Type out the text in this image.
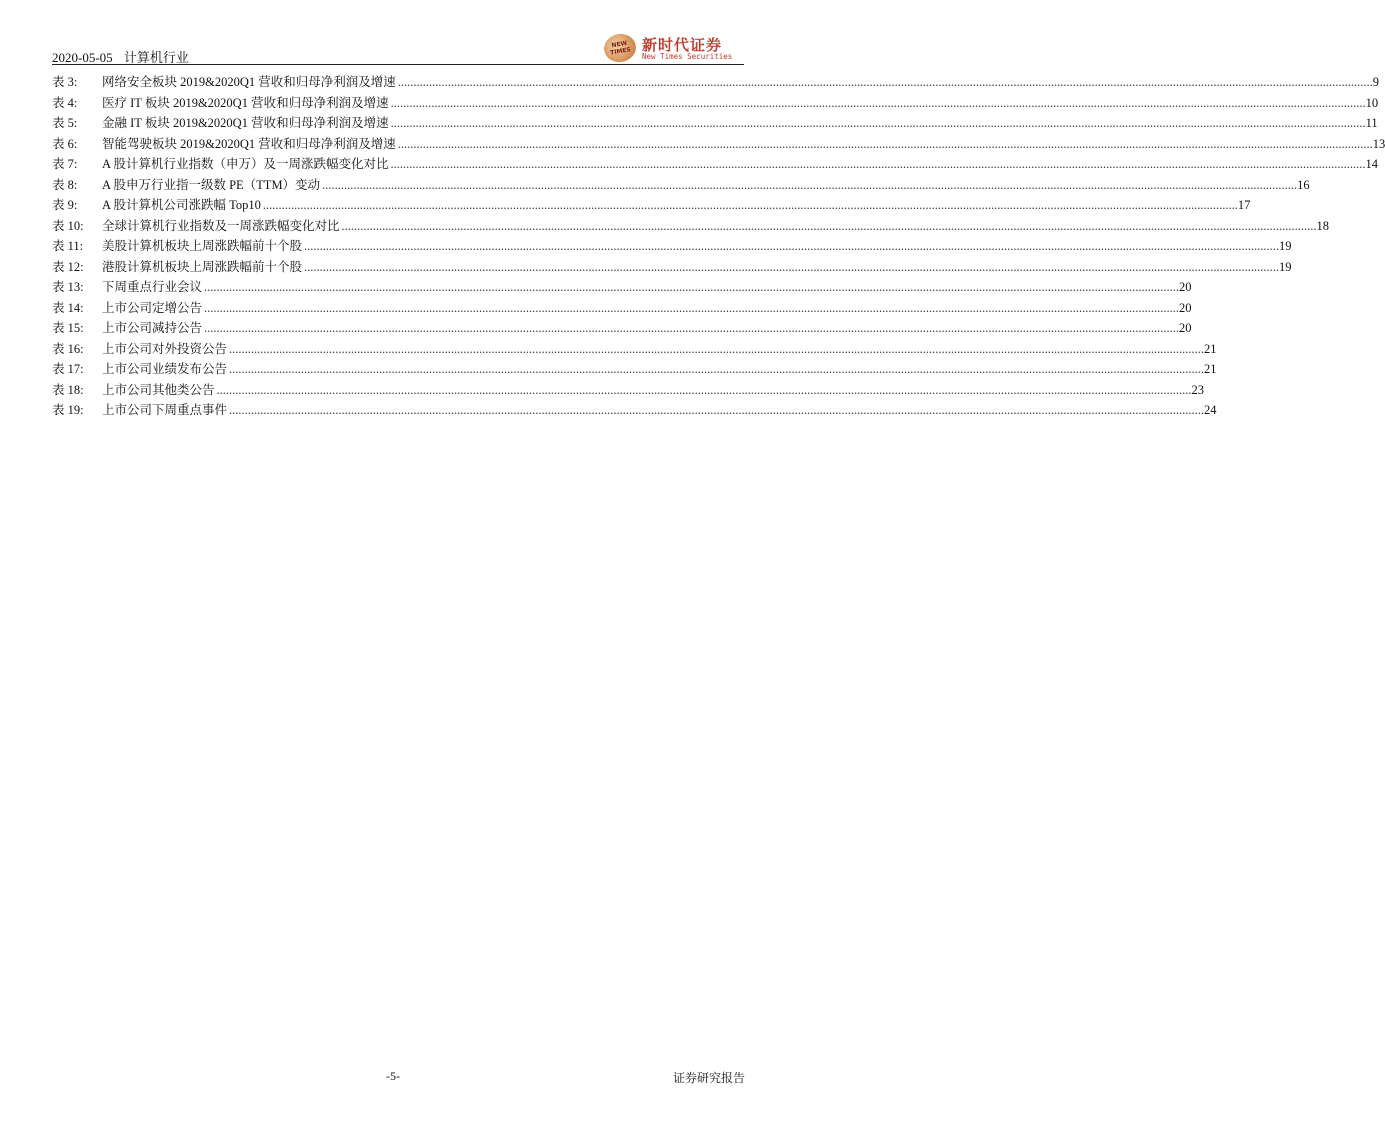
2020-05-05 计算机行业
NEW TIMES 新时代证券
New Times Securities
表 3:	网络安全板块 2019&2020Q1 营收和归母净利润及增速 .....	9
表 4:	医疗 IT 板块 2019&2020Q1 营收和归母净利润及增速 .....	10
表 5:	金融 IT 板块 2019&2020Q1 营收和归母净利润及增速 .....	11
表 6:	智能驾驶板块 2019&2020Q1 营收和归母净利润及增速 .....	13
表 7:	A 股计算机行业指数（申万）及一周涨跌幅变化对比 .....	14
表 8:	A 股申万行业指一级数 PE（TTM）变动 .....	16
表 9:	A 股计算机公司涨跌幅 Top10 .....	17
表 10:	全球计算机行业指数及一周涨跌幅变化对比 .....	18
表 11:	美股计算机板块上周涨跌幅前十个股 .....	19
表 12:	港股计算机板块上周涨跌幅前十个股 .....	19
表 13:	下周重点行业会议 .....	20
表 14:	上市公司定增公告 .....	20
表 15:	上市公司减持公告 .....	20
表 16:	上市公司对外投资公告 .....	21
表 17:	上市公司业绩发布公告 .....	21
表 18:	上市公司其他类公告 .....	23
表 19:	上市公司下周重点事件 .....	24
-5-	证券研究报告
